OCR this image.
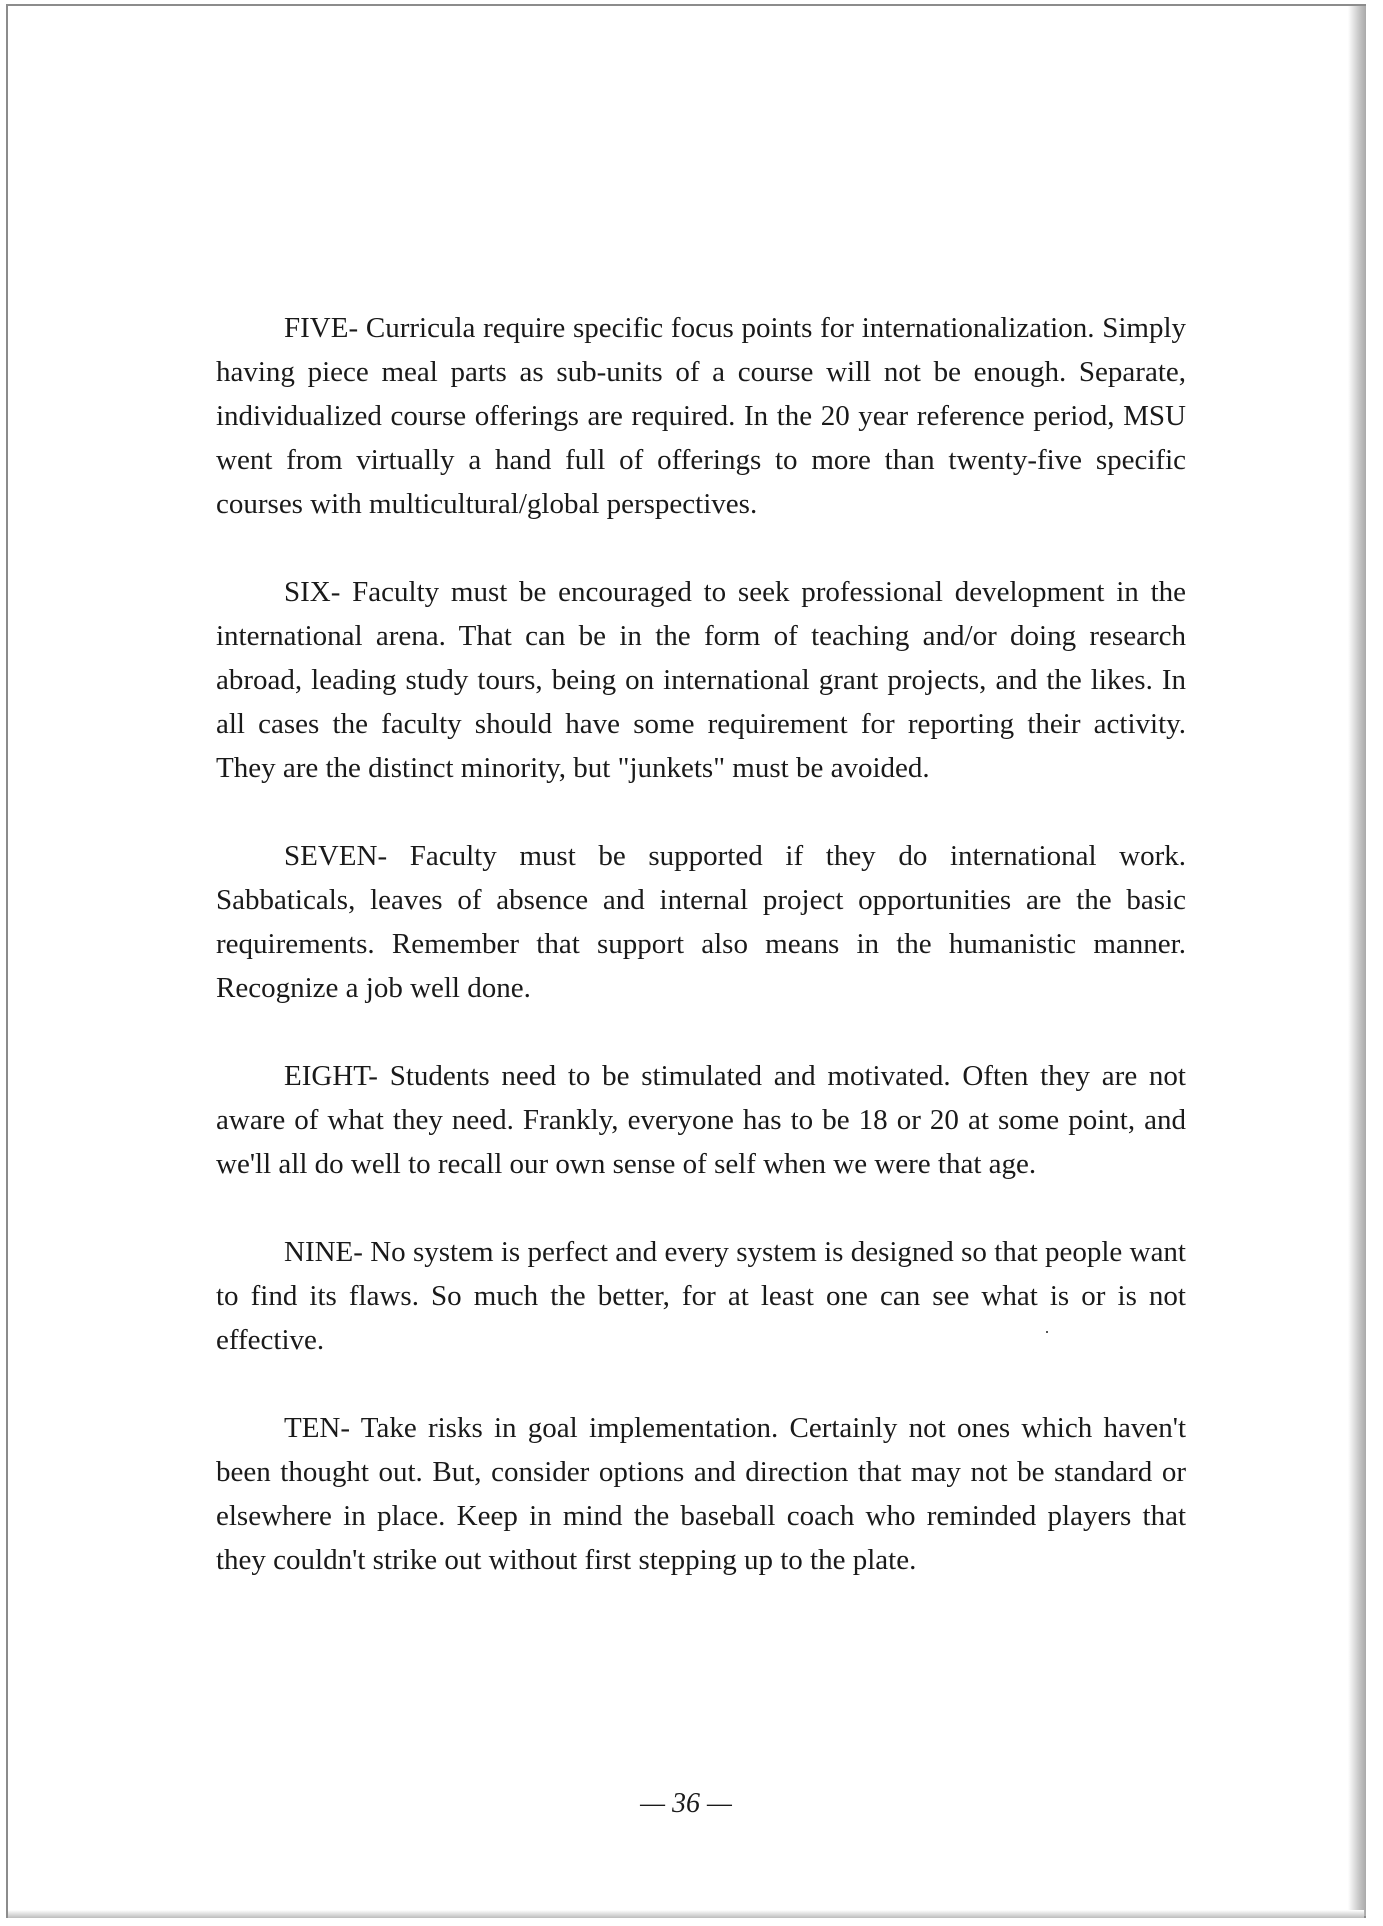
FIVE- Curricula require specific focus points for internationalization. Simply having piece meal parts as sub-units of a course will not be enough. Separate, individualized course offerings are required. In the 20 year reference period, MSU went from virtually a hand full of offerings to more than twenty-five specific courses with multicultural/global perspectives.

SIX- Faculty must be encouraged to seek professional development in the international arena. That can be in the form of teaching and/or doing research abroad, leading study tours, being on international grant projects, and the likes. In all cases the faculty should have some requirement for reporting their activity. They are the distinct minority, but "junkets" must be avoided.

SEVEN- Faculty must be supported if they do international work. Sabbaticals, leaves of absence and internal project opportunities are the basic requirements. Remember that support also means in the humanistic manner. Recognize a job well done.

EIGHT- Students need to be stimulated and motivated. Often they are not aware of what they need. Frankly, everyone has to be 18 or 20 at some point, and we'll all do well to recall our own sense of self when we were that age.

NINE- No system is perfect and every system is designed so that people want to find its flaws. So much the better, for at least one can see what is or is not effective.

TEN- Take risks in goal implementation. Certainly not ones which haven't been thought out. But, consider options and direction that may not be standard or elsewhere in place. Keep in mind the baseball coach who reminded players that they couldn't strike out without first stepping up to the plate.

— 36 —
